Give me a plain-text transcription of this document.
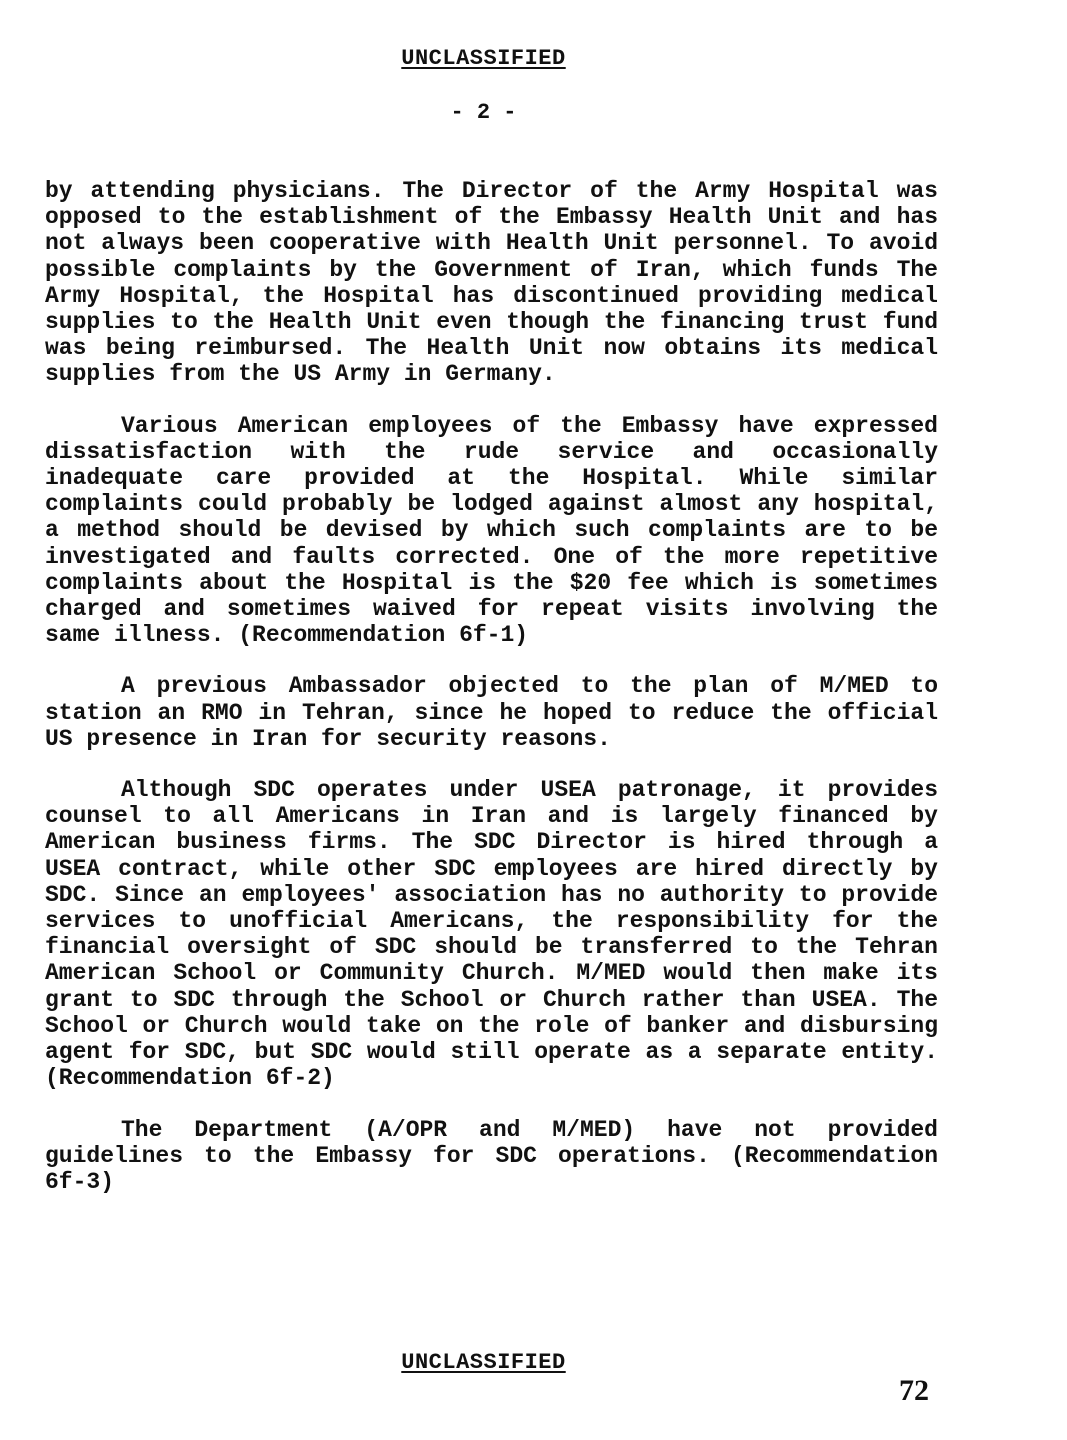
UNCLASSIFIED
- 2 -

by attending physicians. The Director of the Army Hospital was opposed to the establishment of the Embassy Health Unit and has not always been cooperative with Health Unit personnel. To avoid possible complaints by the Government of Iran, which funds The Army Hospital, the Hospital has discontinued providing medical supplies to the Health Unit even though the financing trust fund was being reimbursed. The Health Unit now obtains its medical supplies from the US Army in Germany.

Various American employees of the Embassy have expressed dissatisfaction with the rude service and occasionally inadequate care provided at the Hospital. While similar complaints could probably be lodged against almost any hospital, a method should be devised by which such complaints are to be investigated and faults corrected. One of the more repetitive complaints about the Hospital is the $20 fee which is sometimes charged and sometimes waived for repeat visits involving the same illness. (Recommendation 6f-1)

A previous Ambassador objected to the plan of M/MED to station an RMO in Tehran, since he hoped to reduce the official US presence in Iran for security reasons.

Although SDC operates under USEA patronage, it provides counsel to all Americans in Iran and is largely financed by American business firms. The SDC Director is hired through a USEA contract, while other SDC employees are hired directly by SDC. Since an employees' association has no authority to provide services to unofficial Americans, the responsibility for the financial oversight of SDC should be transferred to the Tehran American School or Community Church. M/MED would then make its grant to SDC through the School or Church rather than USEA. The School or Church would take on the role of banker and disbursing agent for SDC, but SDC would still operate as a separate entity. (Recommendation 6f-2)

The Department (A/OPR and M/MED) have not provided guidelines to the Embassy for SDC operations. (Recommendation 6f-3)

UNCLASSIFIED
72
